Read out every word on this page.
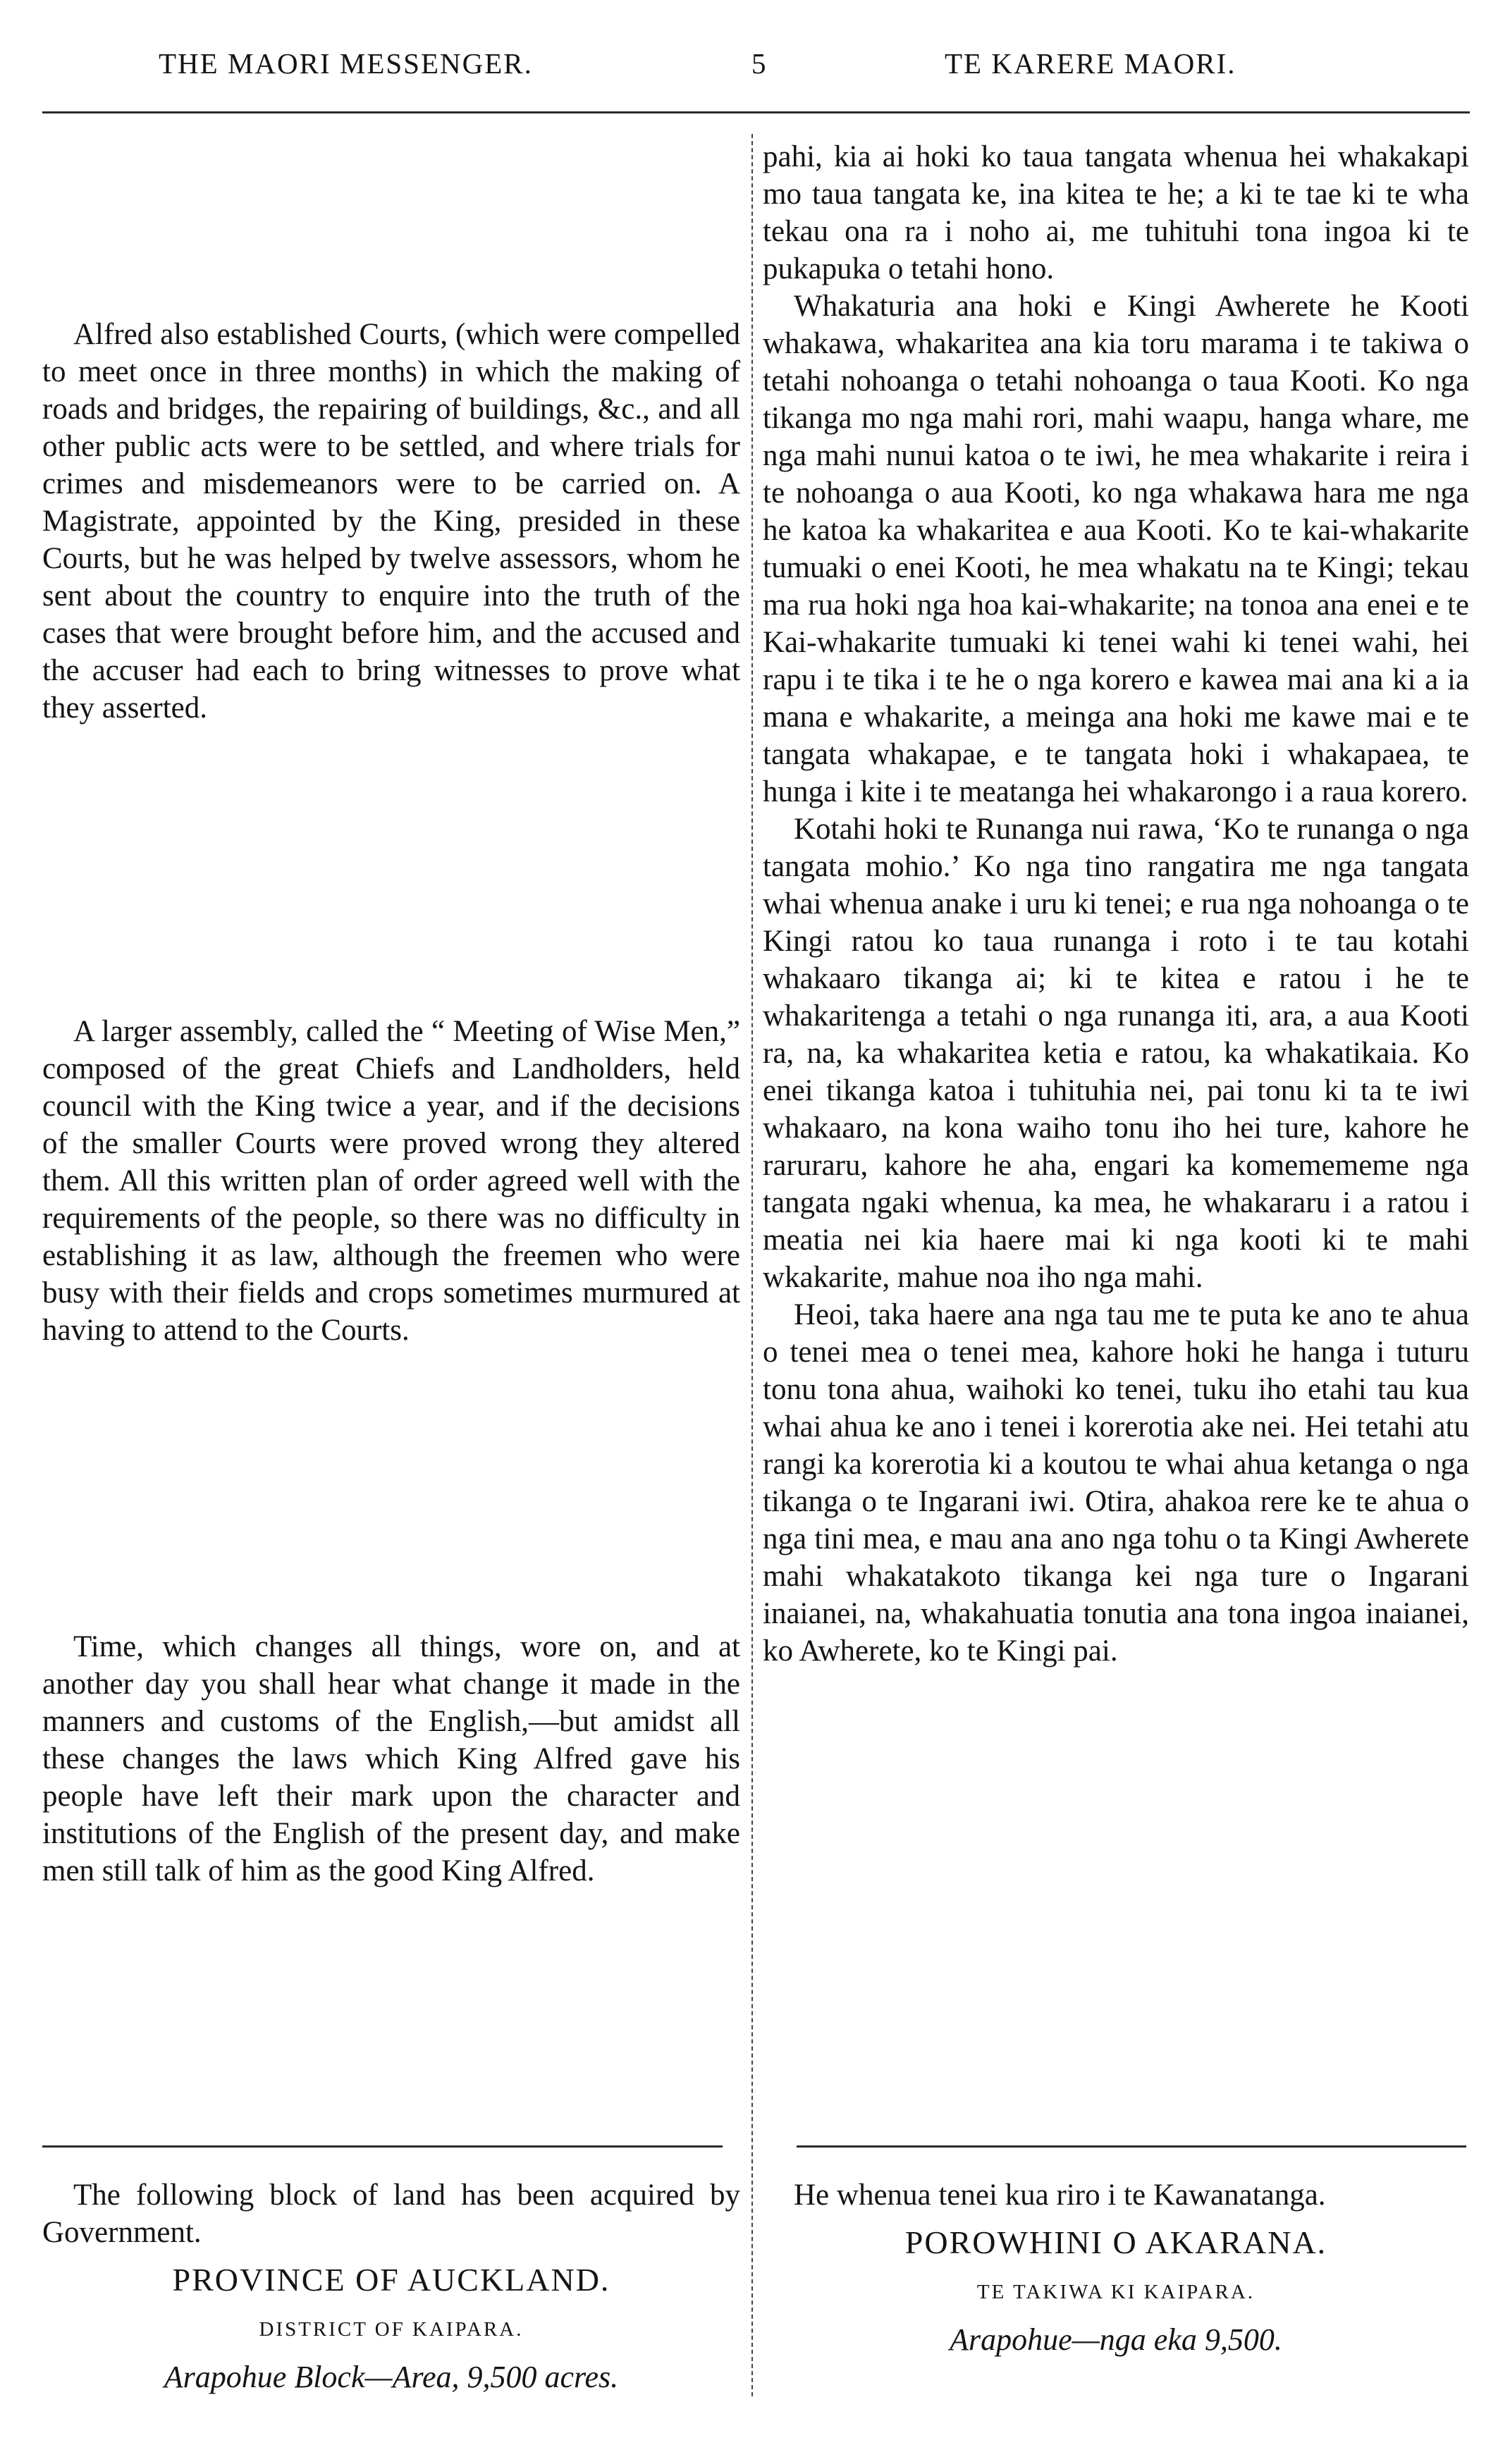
THE MAORI MESSENGER.	5	TE KARERE MAORI.

Alfred also established Courts, (which were compelled to meet once in three months) in which the making of roads and bridges, the repairing of buildings, &c., and all other public acts were to be settled, and where trials for crimes and misdemeanors were to be carried on. A Magistrate, appointed by the King, presided in these Courts, but he was helped by twelve assessors, whom he sent about the country to enquire into the truth of the cases that were brought before him, and the accused and the accuser had each to bring witnesses to prove what they asserted.

A larger assembly, called the “ Meeting of Wise Men,” composed of the great Chiefs and Landholders, held council with the King twice a year, and if the decisions of the smaller Courts were proved wrong they altered them. All this written plan of order agreed well with the requirements of the people, so there was no difficulty in establishing it as law, although the freemen who were busy with their fields and crops sometimes murmured at having to attend to the Courts.

Time, which changes all things, wore on, and at another day you shall hear what change it made in the manners and customs of the English,—but amidst all these changes the laws which King Alfred gave his people have left their mark upon the character and institutions of the English of the present day, and make men still talk of him as the good King Alfred.

pahi, kia ai hoki ko taua tangata whenua hei whakakapi mo taua tangata ke, ina kitea te he; a ki te tae ki te wha tekau ona ra i noho ai, me tuhituhi tona ingoa ki te pukapuka o tetahi hono.

Whakaturia ana hoki e Kingi Awherete he Kooti whakawa, whakaritea ana kia toru marama i te takiwa o tetahi nohoanga o tetahi nohoanga o taua Kooti. Ko nga tikanga mo nga mahi rori, mahi waapu, hanga whare, me nga mahi nunui katoa o te iwi, he mea whakarite i reira i te nohoanga o aua Kooti, ko nga whakawa hara me nga he katoa ka whakaritea e aua Kooti. Ko te kai-whakarite tumuaki o enei Kooti, he mea whakatu na te Kingi; tekau ma rua hoki nga hoa kai-whakarite; na tonoa ana enei e te Kai-whakarite tumuaki ki tenei wahi ki tenei wahi, hei rapu i te tika i te he o nga korero e kawea mai ana ki a ia mana e whakarite, a meinga ana hoki me kawe mai e te tangata whakapae, e te tangata hoki i whakapaea, te hunga i kite i te meatanga hei whakarongo i a raua korero.

Kotahi hoki te Runanga nui rawa, ‘Ko te runanga o nga tangata mohio.’ Ko nga tino rangatira me nga tangata whai whenua anake i uru ki tenei; e rua nga nohoanga o te Kingi ratou ko taua runanga i roto i te tau kotahi whakaaro tikanga ai; ki te kitea e ratou i he te whakaritenga a tetahi o nga runanga iti, ara, a aua Kooti ra, na, ka whakaritea ketia e ratou, ka whakatikaia. Ko enei tikanga katoa i tuhituhia nei, pai tonu ki ta te iwi whakaaro, na kona waiho tonu iho hei ture, kahore he raruraru, kahore he aha, engari ka komemememe nga tangata ngaki whenua, ka mea, he whakararu i a ratou i meatia nei kia haere mai ki nga kooti ki te mahi wkakarite, mahue noa iho nga mahi.

Heoi, taka haere ana nga tau me te puta ke ano te ahua o tenei mea o tenei mea, kahore hoki he hanga i tuturu tonu tona ahua, waihoki ko tenei, tuku iho etahi tau kua whai ahua ke ano i tenei i korerotia ake nei. Hei tetahi atu rangi ka korerotia ki a koutou te whai ahua ketanga o nga tikanga o te Ingarani iwi. Otira, ahakoa rere ke te ahua o nga tini mea, e mau ana ano nga tohu o ta Kingi Awherete mahi whakatakoto tikanga kei nga ture o Ingarani inaianei, na, whakahuatia tonutia ana tona ingoa inaianei, ko Awherete, ko te Kingi pai.

The following block of land has been acquired by Government.

PROVINCE OF AUCKLAND.
DISTRICT OF KAIPARA.
Arapohue Block—Area, 9,500 acres.

He whenua tenei kua riro i te Kawanatanga.

POROWHINI O AKARANA.
TE TAKIWA KI KAIPARA.
Arapohue—nga eka 9,500.
